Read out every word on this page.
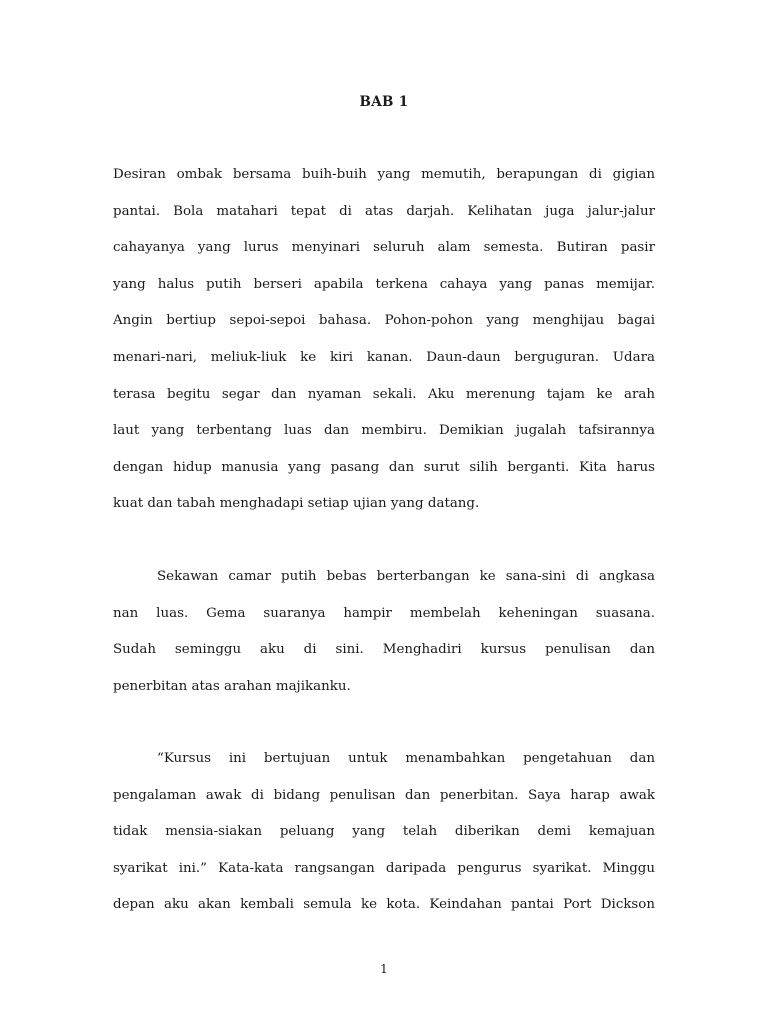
BAB 1
Desiran ombak bersama buih-buih yang memutih, berapungan di gigian
pantai. Bola matahari tepat di atas darjah. Kelihatan juga jalur-jalur
cahayanya yang lurus menyinari seluruh alam semesta. Butiran pasir
yang halus putih berseri apabila terkena cahaya yang panas memijar.
Angin bertiup sepoi-sepoi bahasa. Pohon-pohon yang menghijau bagai
menari-nari, meliuk-liuk ke kiri kanan. Daun-daun berguguran. Udara
terasa begitu segar dan nyaman sekali. Aku merenung tajam ke arah
laut yang terbentang luas dan membiru. Demikian jugalah tafsirannya
dengan hidup manusia yang pasang dan surut silih berganti. Kita harus
kuat dan tabah menghadapi setiap ujian yang datang.
Sekawan camar putih bebas berterbangan ke sana-sini di angkasa
nan luas. Gema suaranya hampir membelah keheningan suasana.
Sudah seminggu aku di sini. Menghadiri kursus penulisan dan
penerbitan atas arahan majikanku.
“Kursus ini bertujuan untuk menambahkan pengetahuan dan
pengalaman awak di bidang penulisan dan penerbitan. Saya harap awak
tidak mensia-siakan peluang yang telah diberikan demi kemajuan
syarikat ini.” Kata-kata rangsangan daripada pengurus syarikat. Minggu
depan aku akan kembali semula ke kota. Keindahan pantai Port Dickson
1
